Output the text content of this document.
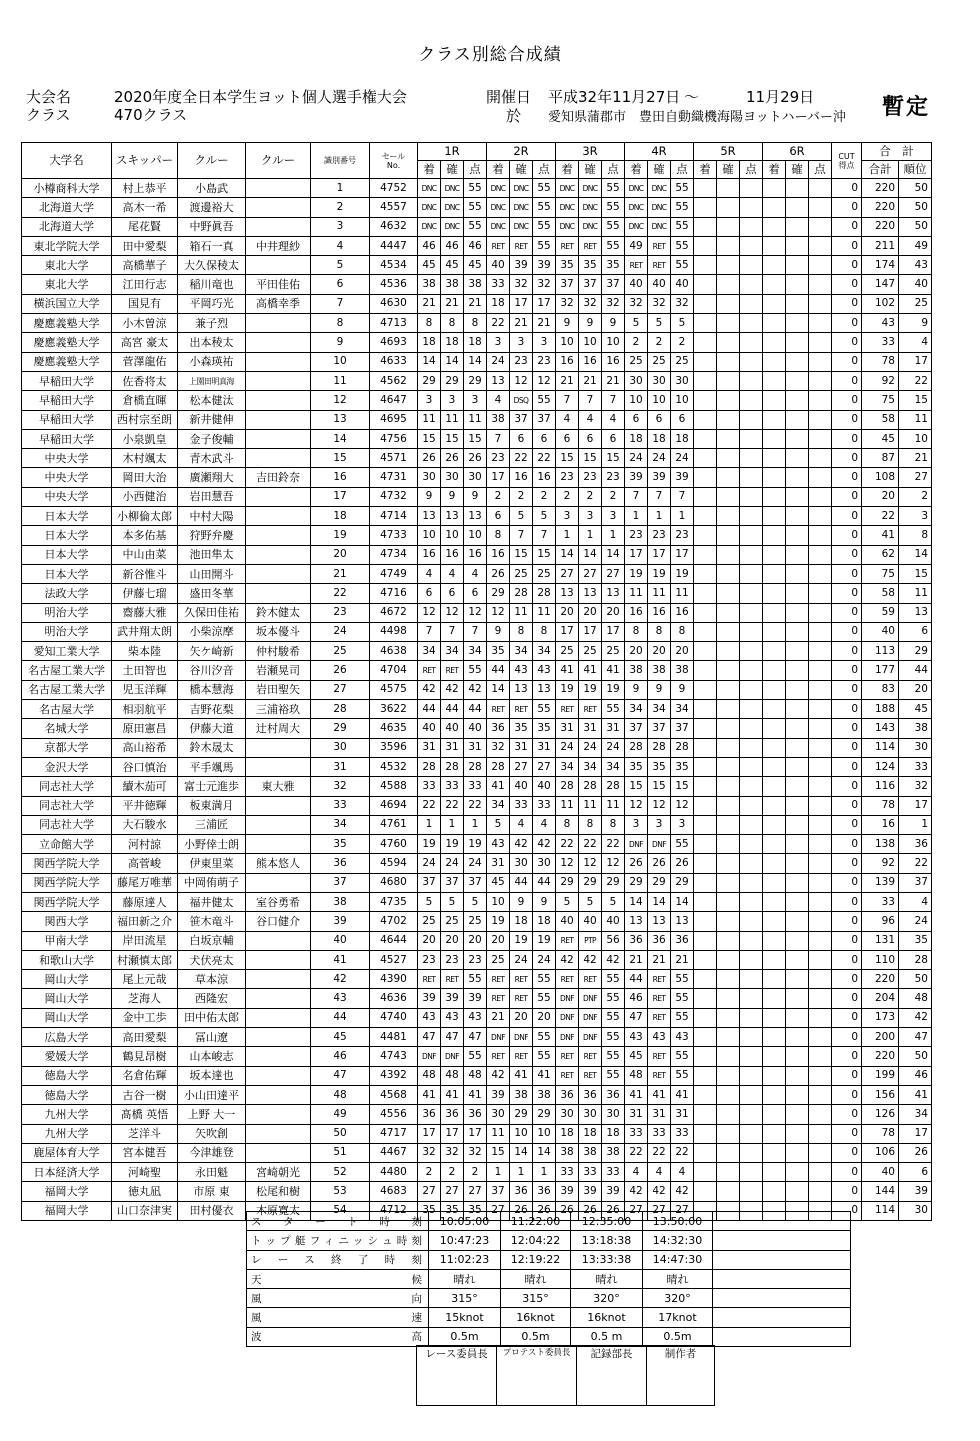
クラス別総合成績
大会名	2020年度全日本学生ヨット個人選手権大会
クラス	470クラス
開催日 平成32年11月27日 ～	11月29日
於 愛知県蒲郡市　豊田自動織機海陽ヨットハーバー沖 暫定
大学名	スキッパー	クルー	クルー	識別番号	セール
No.	1R			2R			3R			4R			5R			6R			CUT
得点	合　計	
						着	確	点	着	確	点	着	確	点	着	確	点	着	確	点	着	確	点		合計	順位
小樽商科大学	村上恭平	小島武		1	4752	DNC	DNC	55	DNC	DNC	55	DNC	DNC	55	DNC	DNC	55							0	220	50
北海道大学	高木一希	渡邊裕大		2	4557	DNC	DNC	55	DNC	DNC	55	DNC	DNC	55	DNC	DNC	55							0	220	50
北海道大学	尾花賢	中野眞吾		3	4632	DNC	DNC	55	DNC	DNC	55	DNC	DNC	55	DNC	DNC	55							0	220	50
東北学院大学	田中愛梨	箱石一真	中井理紗	4	4447	46	46	46	RET	RET	55	RET	RET	55	49	RET	55							0	211	49
東北大学	高橋華子	大久保稜太		5	4534	45	45	45	40	39	39	35	35	35	RET	RET	55							0	174	43
東北大学	江田行志	稲川竜也	平田佳佑	6	4536	38	38	38	33	32	32	37	37	37	40	40	40							0	147	40
横浜国立大学	国見有	平岡巧光	高橋幸季	7	4630	21	21	21	18	17	17	32	32	32	32	32	32							0	102	25
慶應義塾大学	小木曽涼	兼子烈		8	4713	8	8	8	22	21	21	9	9	9	5	5	5							0	43	9
慶應義塾大学	高宮 豪太	出本稜太		9	4693	18	18	18	3	3	3	10	10	10	2	2	2							0	33	4
慶應義塾大学	菅澤龍佑	小森瑛祐		10	4633	14	14	14	24	23	23	16	16	16	25	25	25							0	78	17
早稲田大学	佐香将太	上園田明真海		11	4562	29	29	29	13	12	12	21	21	21	30	30	30							0	92	22
早稲田大学	倉橋直暉	松本健汰		12	4647	3	3	3	4	DSQ	55	7	7	7	10	10	10							0	75	15
早稲田大学	西村宗至朗	新井健伸		13	4695	11	11	11	38	37	37	4	4	4	6	6	6							0	58	11
早稲田大学	小泉凱皇	金子俊輔		14	4756	15	15	15	7	6	6	6	6	6	18	18	18							0	45	10
中央大学	木村颯太	青木武斗		15	4571	26	26	26	23	22	22	15	15	15	24	24	24							0	87	21
中央大学	岡田大治	廣瀬翔大	吉田鈴奈	16	4731	30	30	30	17	16	16	23	23	23	39	39	39							0	108	27
中央大学	小西健治	岩田慧吾		17	4732	9	9	9	2	2	2	2	2	2	7	7	7							0	20	2
日本大学	小柳倫太郎	中村大陽		18	4714	13	13	13	6	5	5	3	3	3	1	1	1							0	22	3
日本大学	本多佑基	狩野弁慶		19	4733	10	10	10	8	7	7	1	1	1	23	23	23							0	41	8
日本大学	中山由菜	池田隼太		20	4734	16	16	16	16	15	15	14	14	14	17	17	17							0	62	14
日本大学	新谷惟斗	山田開斗		21	4749	4	4	4	26	25	25	27	27	27	19	19	19							0	75	15
法政大学	伊藤七瑠	盛田冬華		22	4716	6	6	6	29	28	28	13	13	13	11	11	11							0	58	11
明治大学	齋藤大雅	久保田佳祐	鈴木健太	23	4672	12	12	12	12	11	11	20	20	20	16	16	16							0	59	13
明治大学	武井翔太朗	小柴涼摩	坂本優斗	24	4498	7	7	7	9	8	8	17	17	17	8	8	8							0	40	6
愛知工業大学	柴本陸	矢ケ崎新	仲村駿希	25	4638	34	34	34	35	34	34	25	25	25	20	20	20							0	113	29
名古屋工業大学	土田智也	谷川汐音	岩瀬晃司	26	4704	RET	RET	55	44	43	43	41	41	41	38	38	38							0	177	44
名古屋工業大学	児玉洋輝	橋本慧海	岩田聖矢	27	4575	42	42	42	14	13	13	19	19	19	9	9	9							0	83	20
名古屋大学	相羽航平	吉野花梨	三浦裕玖	28	3622	44	44	44	RET	RET	55	RET	RET	55	34	34	34							0	188	45
名城大学	原田憲昌	伊藤大道	辻村周大	29	4635	40	40	40	36	35	35	31	31	31	37	37	37							0	143	38
京都大学	高山裕希	鈴木晟太		30	3596	31	31	31	32	31	31	24	24	24	28	28	28							0	114	30
金沢大学	谷口慎治	平手颯馬		31	4532	28	28	28	28	27	27	34	34	34	35	35	35							0	124	33
同志社大学	續木茄可	富士元進歩	東大雅	32	4588	33	33	33	41	40	40	28	28	28	15	15	15							0	116	32
同志社大学	平井徳輝	板東満月		33	4694	22	22	22	34	33	33	11	11	11	12	12	12							0	78	17
同志社大学	大石駿水	三浦匠		34	4761	1	1	1	5	4	4	8	8	8	3	3	3							0	16	1
立命館大学	河村諒	小野倖士朗		35	4760	19	19	19	43	42	42	22	22	22	DNF	DNF	55							0	138	36
関西学院大学	高菅峻	伊東里菜	熊本悠人	36	4594	24	24	24	31	30	30	12	12	12	26	26	26							0	92	22
関西学院大学	藤尾万唯華	中岡侑萌子		37	4680	37	37	37	45	44	44	29	29	29	29	29	29							0	139	37
関西学院大学	藤原達人	福井健太	室谷勇希	38	4735	5	5	5	10	9	9	5	5	5	14	14	14							0	33	4
関西大学	福田新之介	笹木竜斗	谷口健介	39	4702	25	25	25	19	18	18	40	40	40	13	13	13							0	96	24
甲南大学	岸田流星	白坂京輔		40	4644	20	20	20	20	19	19	RET	PTP	56	36	36	36							0	131	35
和歌山大学	村瀬慎太郎	犬伏亮太		41	4527	23	23	23	25	24	24	42	42	42	21	21	21							0	110	28
岡山大学	尾上元哉	草本涼		42	4390	RET	RET	55	RET	RET	55	RET	RET	55	44	RET	55							0	220	50
岡山大学	芝海人	西隆宏		43	4636	39	39	39	RET	RET	55	DNF	DNF	55	46	RET	55							0	204	48
岡山大学	金中工歩	田中佑太郎		44	4740	43	43	43	21	20	20	DNF	DNF	55	47	RET	55							0	173	42
広島大学	高田愛梨	冨山遼		45	4481	47	47	47	DNF	DNF	55	DNF	DNF	55	43	43	43							0	200	47
愛媛大学	鶴見昂樹	山本峻志		46	4743	DNF	DNF	55	RET	RET	55	RET	RET	55	45	RET	55							0	220	50
徳島大学	名倉佑輝	坂本達也		47	4392	48	48	48	42	41	41	RET	RET	55	48	RET	55							0	199	46
徳島大学	古谷一樹	小山田達平		48	4568	41	41	41	39	38	38	36	36	36	41	41	41							0	156	41
九州大学	髙橋 英悟	上野 大一		49	4556	36	36	36	30	29	29	30	30	30	31	31	31							0	126	34
九州大学	芝洋斗	矢吹創		50	4717	17	17	17	11	10	10	18	18	18	33	33	33							0	78	17
鹿屋体育大学	宮本健吾	今津雄登		51	4467	32	32	32	15	14	14	38	38	38	22	22	22							0	106	26
日本経済大学	河崎聖	永田魁	宮崎朝光	52	4480	2	2	2	1	1	1	33	33	33	4	4	4							0	40	6
福岡大学	徳丸凪	市原 東	松尾和樹	53	4683	27	27	27	37	36	36	39	39	39	42	42	42							0	144	39
福岡大学	山口奈津実	田村優衣	木原寛太	54	4712	35	35	35	27	26	26	26	26	26	27	27	27							0	114	30
スタート時刻	10:05:00	11:22:00	12:35:00	13:50:00	
トップ艇フィニッシュ時刻	10:47:23	12:04:22	13:18:38	14:32:30	
レース終了時刻	11:02:23	12:19:22	13:33:38	14:47:30	
天候	晴れ	晴れ	晴れ	晴れ	
風向	315°	315°	320°	320°	
風速	15knot	16knot	16knot	17knot	
波高	0.5m	0.5m	0.5 m	0.5m	
レース委員長	プロテスト委員長	記録部長	制作者
